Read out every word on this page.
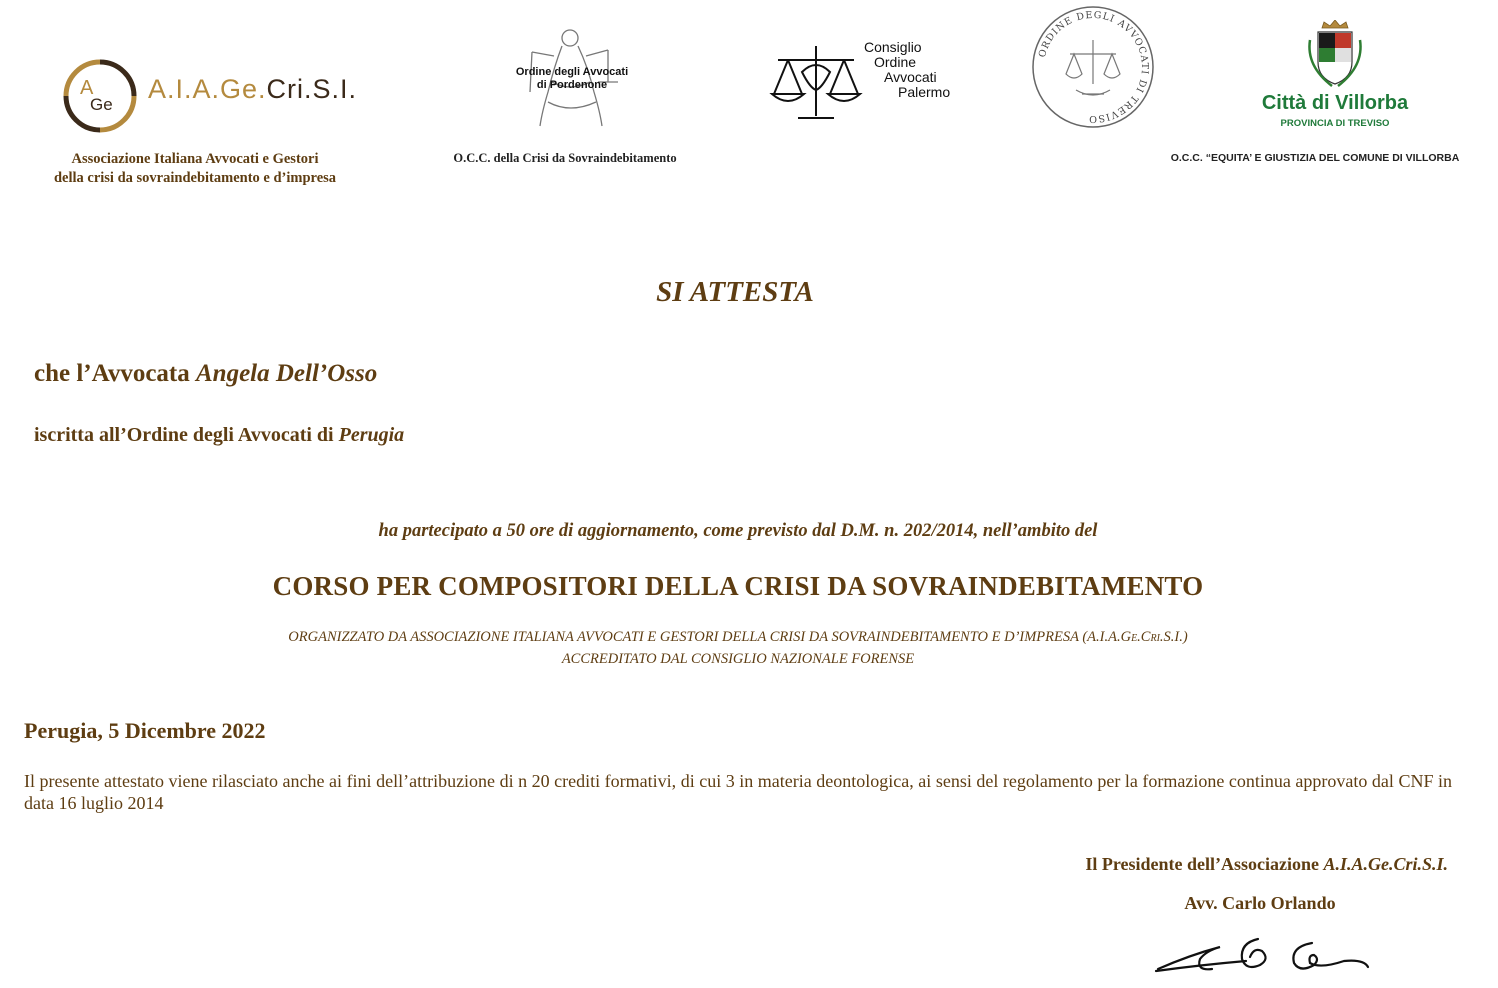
A
Ge
A.I.A.Ge.Cri.S.I.
Associazione Italiana Avvocati e Gestori
della crisi da sovraindebitamento e d’impresa
Ordine degli Avvocati
di Pordenone
Consiglio
Ordine
Avvocati
Palermo
ORDINE DEGLI AVVOCATI DI TREVISO
Città di Villorba
PROVINCIA DI TREVISO
O.C.C. della Crisi da Sovraindebitamento	O.C.C. “EQUITA’ E GIUSTIZIA DEL COMUNE DI VILLORBA
SI ATTESTA
che l’Avvocata Angela Dell’Osso
iscritta all’Ordine degli Avvocati di Perugia
ha partecipato a 50 ore di aggiornamento, come previsto dal D.M. n. 202/2014, nell’ambito del
CORSO PER COMPOSITORI DELLA CRISI DA SOVRAINDEBITAMENTO
ORGANIZZATO DA ASSOCIAZIONE ITALIANA AVVOCATI E GESTORI DELLA CRISI DA SOVRAINDEBITAMENTO E D’IMPRESA (A.I.A.Ge.Cri.S.I.)
ACCREDITATO DAL CONSIGLIO NAZIONALE FORENSE
Perugia, 5 Dicembre 2022
Il presente attestato viene rilasciato anche ai fini dell’attribuzione di n 20 crediti formativi, di cui 3 in materia deontologica, ai sensi del regolamento per la formazione continua approvato dal CNF in data 16 luglio 2014
Il Presidente dell’Associazione A.I.A.Ge.Cri.S.I.
Avv. Carlo Orlando
